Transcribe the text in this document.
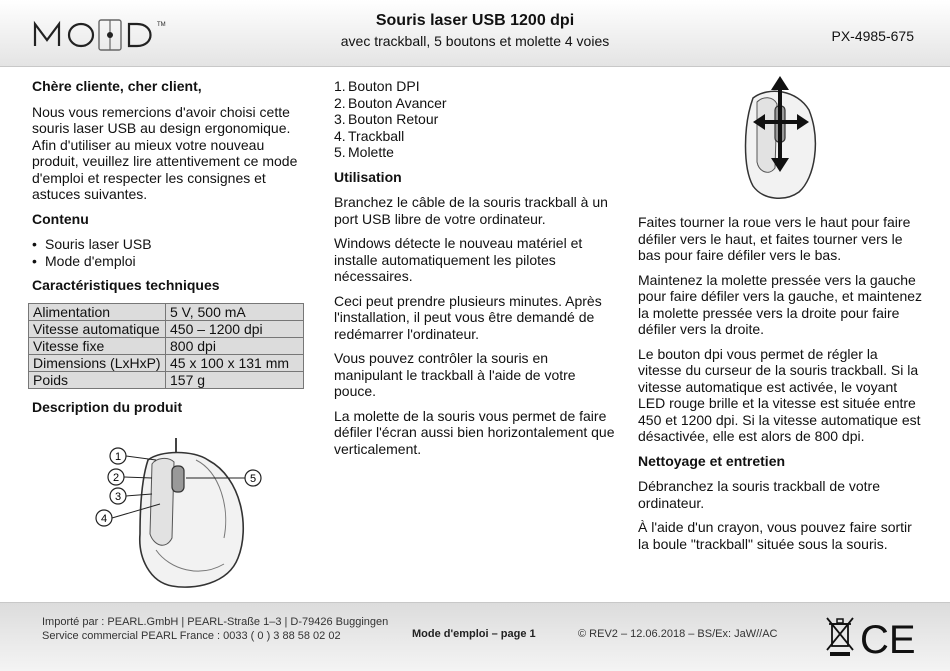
TM	Souris laser USB 1200 dpi
avec trackball, 5 boutons et molette 4 voies	PX-4985-675
Chère cliente, cher client,

Nous vous remercions d'avoir choisi cette souris laser USB au design ergonomique. Afin d'utiliser au mieux votre nouveau produit, veuillez lire attentivement ce mode d'emploi et respecter les consignes et astuces suivantes.

Contenu
• Souris laser USB
• Mode d'emploi
Caractéristiques techniques
Alimentation	5 V, 500 mA
Vitesse automatique	450 – 1200 dpi
Vitesse fixe	800 dpi
Dimensions (LxHxP)	45 x 100 x 131 mm
Poids	157 g
Description du produit
1
2
3
4
5
1. Bouton DPI
2. Bouton Avancer
3. Bouton Retour
4. Trackball
5. Molette
Utilisation

Branchez le câble de la souris trackball à un port USB libre de votre ordinateur.

Windows détecte le nouveau matériel et installe automatiquement les pilotes nécessaires.

Ceci peut prendre plusieurs minutes. Après l'installation, il peut vous être demandé de redémarrer l'ordinateur.

Vous pouvez contrôler la souris en manipulant le trackball à l'aide de votre pouce.

La molette de la souris vous permet de faire défiler l'écran aussi bien horizontalement que verticalement.

Faites tourner la roue vers le haut pour faire défiler vers le haut, et faites tourner vers le bas pour faire défiler vers le bas.

Maintenez la molette pressée vers la gauche pour faire défiler vers la gauche, et maintenez la molette pressée vers la droite pour faire défiler vers la droite.

Le bouton dpi vous permet de régler la vitesse du curseur de la souris trackball. Si la vitesse automatique est activée, le voyant LED rouge brille et la vitesse est située entre 450 et 1200 dpi. Si la vitesse automatique est désactivée, elle est alors de 800 dpi.

Nettoyage et entretien

Débranchez la souris trackball de votre ordinateur.

À l'aide d'un crayon, vous pouvez faire sortir la boule "trackball" située sous la souris.

Importé par : PEARL.GmbH | PEARL-Straße 1–3 | D-79426 Buggingen
Service commercial PEARL France : 0033 ( 0 ) 3 88 58 02 02	Mode d'emploi – page 1	© REV2 – 12.06.2018 – BS/Ex: JaW//AC CE
